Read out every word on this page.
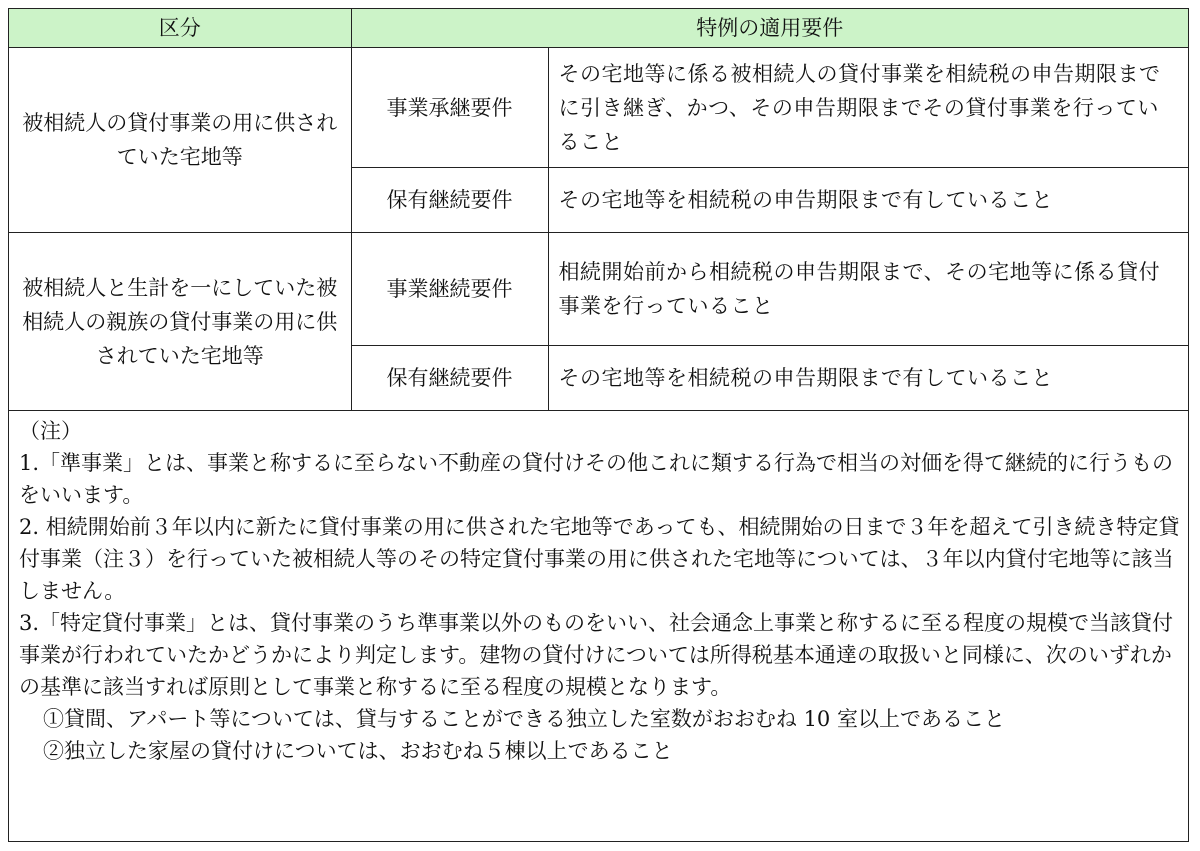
区分	特例の適用要件	
被相続人の貸付事業の用に供されていた宅地等	事業承継要件	その宅地等に係る被相続人の貸付事業を相続税の申告期限までに引き継ぎ、かつ、その申告期限までその貸付事業を行っていること
	保有継続要件	その宅地等を相続税の申告期限まで有していること
被相続人と生計を一にしていた被相続人の親族の貸付事業の用に供されていた宅地等	事業継続要件	相続開始前から相続税の申告期限まで、その宅地等に係る貸付事業を行っていること
	保有継続要件	その宅地等を相続税の申告期限まで有していること

（注）

1.「準事業」とは、事業と称するに至らない不動産の貸付けその他これに類する行為で相当の対価を得て継続的に行うものをいいます。

2. 相続開始前３年以内に新たに貸付事業の用に供された宅地等であっても、相続開始の日まで３年を超えて引き続き特定貸付事業（注３）を行っていた被相続人等のその特定貸付事業の用に供された宅地等については、３年以内貸付宅地等に該当しません。

3.「特定貸付事業」とは、貸付事業のうち準事業以外のものをいい、社会通念上事業と称するに至る程度の規模で当該貸付事業が行われていたかどうかにより判定します。建物の貸付けについては所得税基本通達の取扱いと同様に、次のいずれかの基準に該当すれば原則として事業と称するに至る程度の規模となります。

①貸間、アパート等については、貸与することができる独立した室数がおおむね 10 室以上であること

②独立した家屋の貸付けについては、おおむね５棟以上であること
